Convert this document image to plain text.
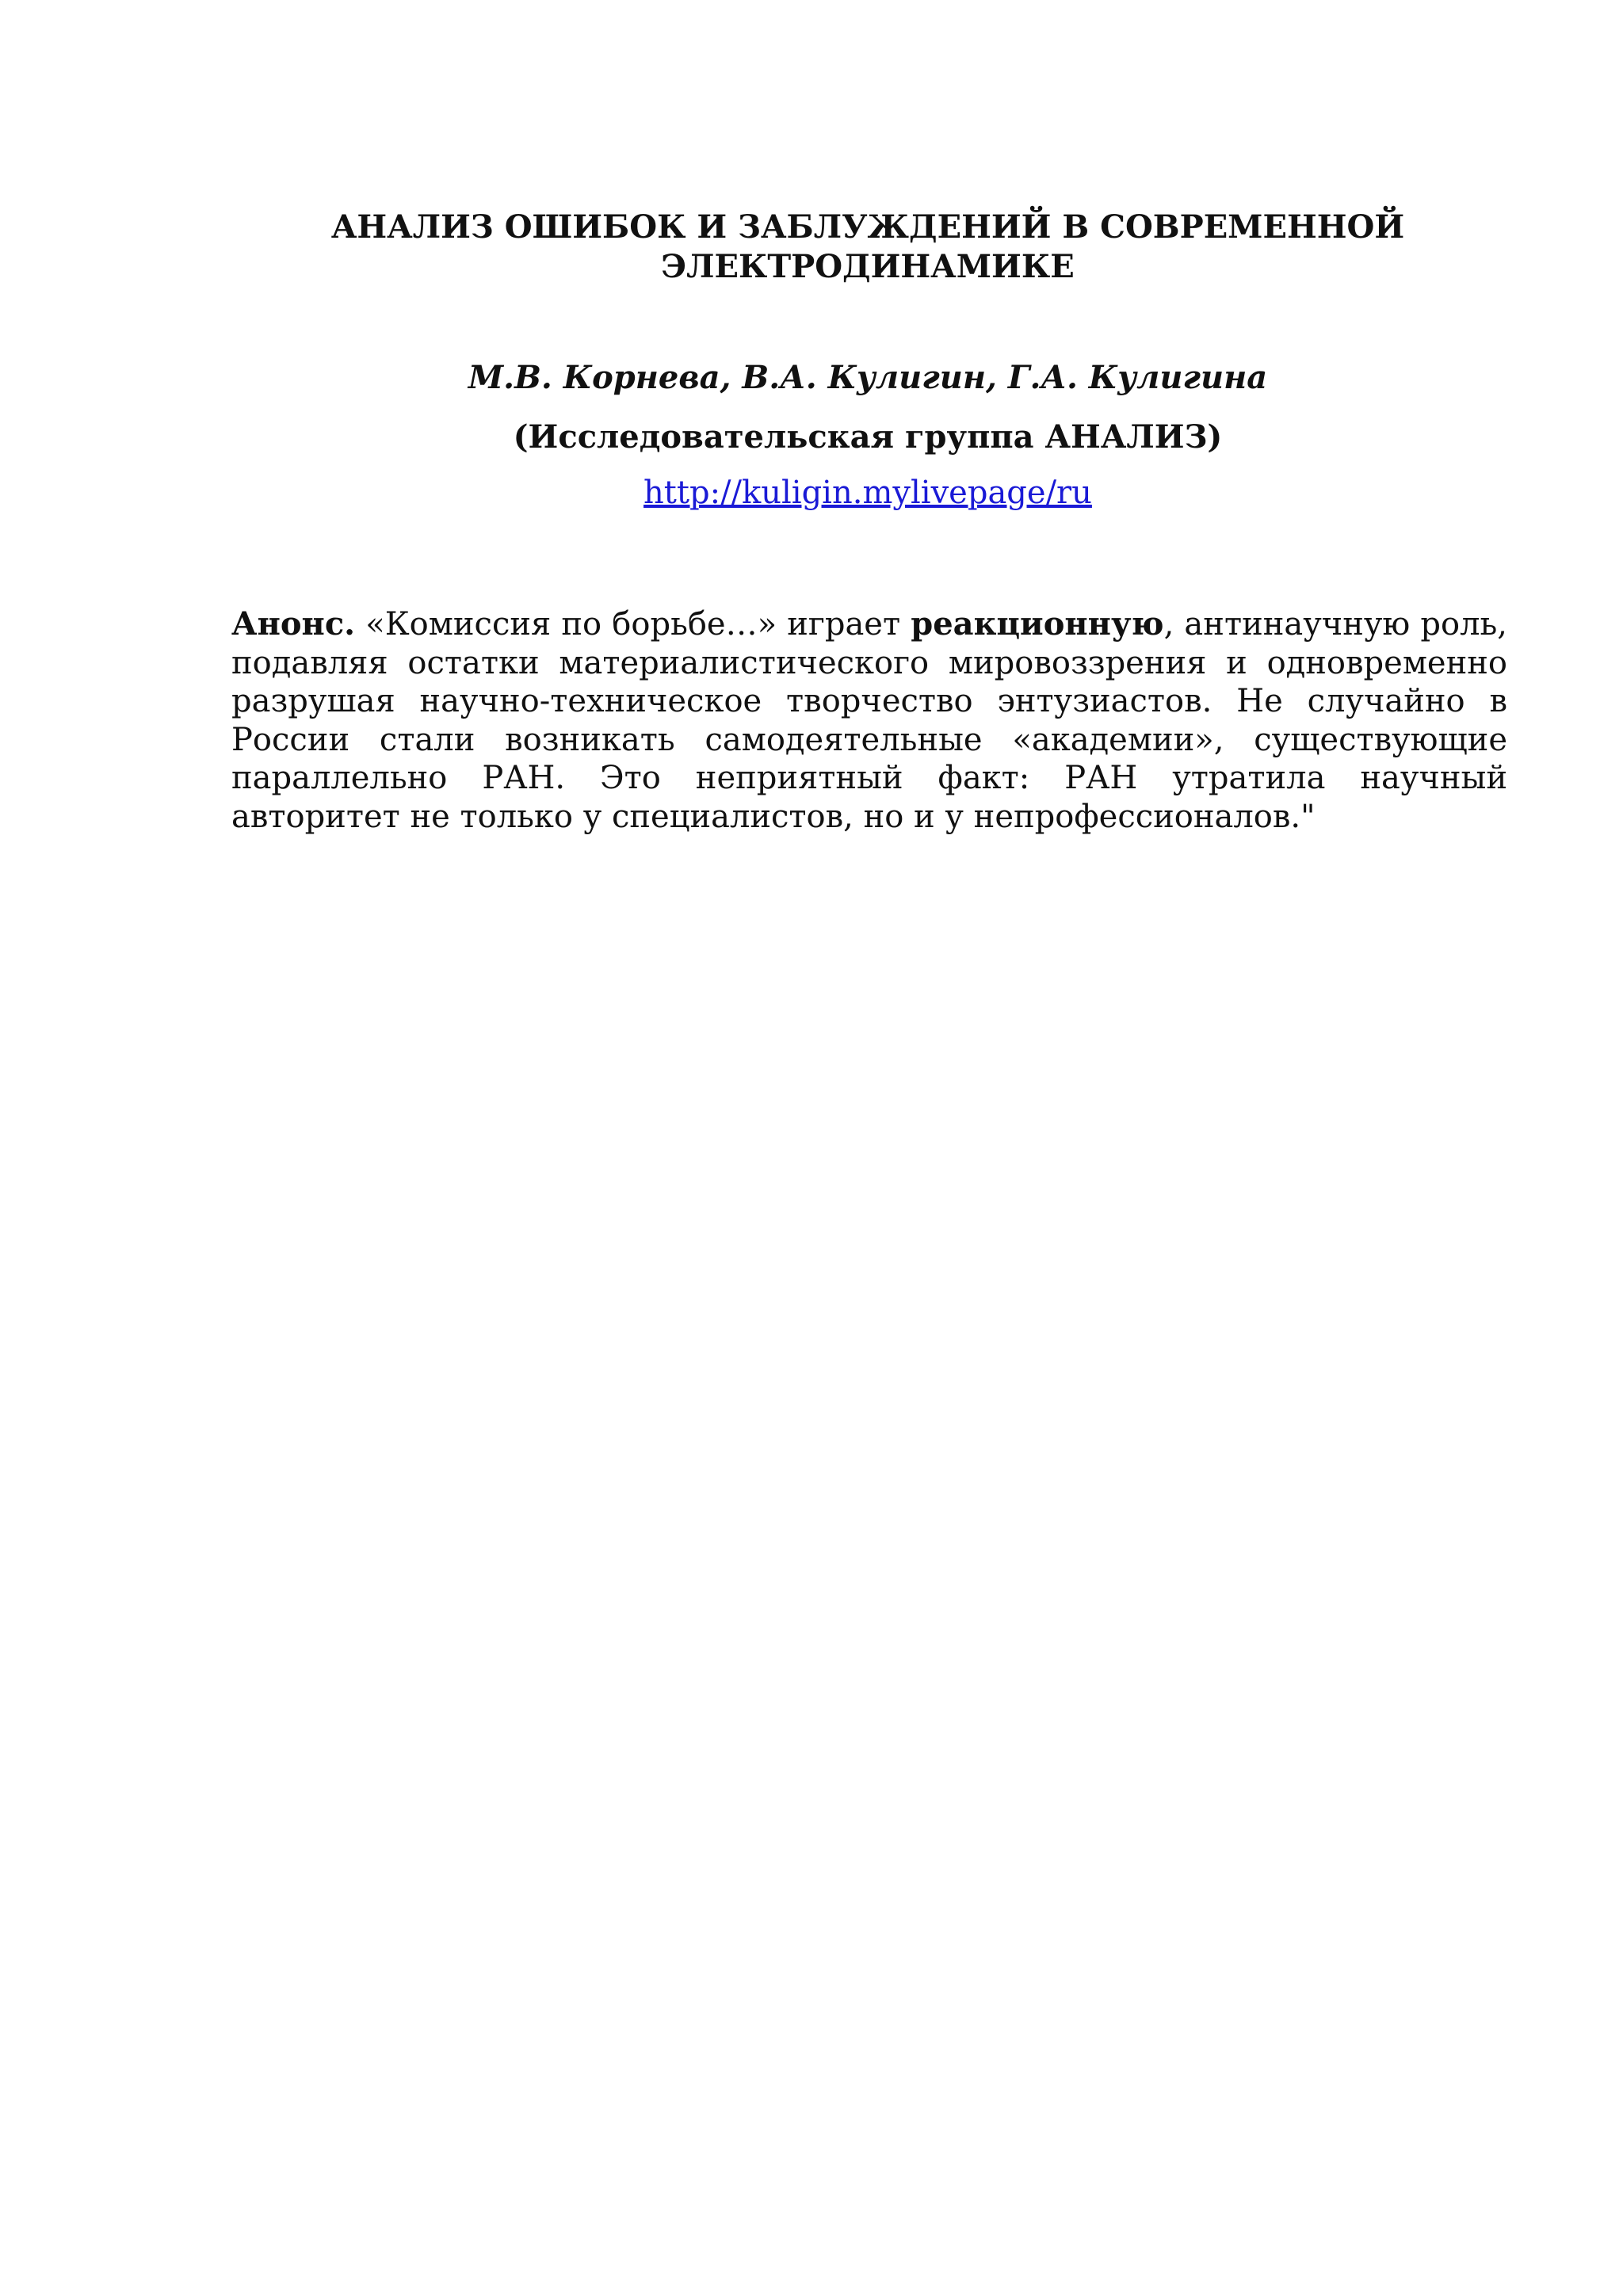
АНАЛИЗ ОШИБОК И ЗАБЛУЖДЕНИЙ В СОВРЕМЕННОЙ
ЭЛЕКТРОДИНАМИКЕ
М.В. Корнева, В.А. Кулигин, Г.А. Кулигина
(Исследовательская группа АНАЛИЗ)
http://kuligin.mylivepage/ru
Анонс. «Комиссия по борьбе…» играет реакционную, антинаучную роль, подавляя остатки материалистического мировоззрения и одновременно разрушая научно-техническое творчество энтузиастов. Не случайно в России стали возникать самодеятельные «академии», существующие параллельно РАН. Это неприятный факт: РАН утратила научный авторитет не только у специалистов, но и у непрофессионалов."
